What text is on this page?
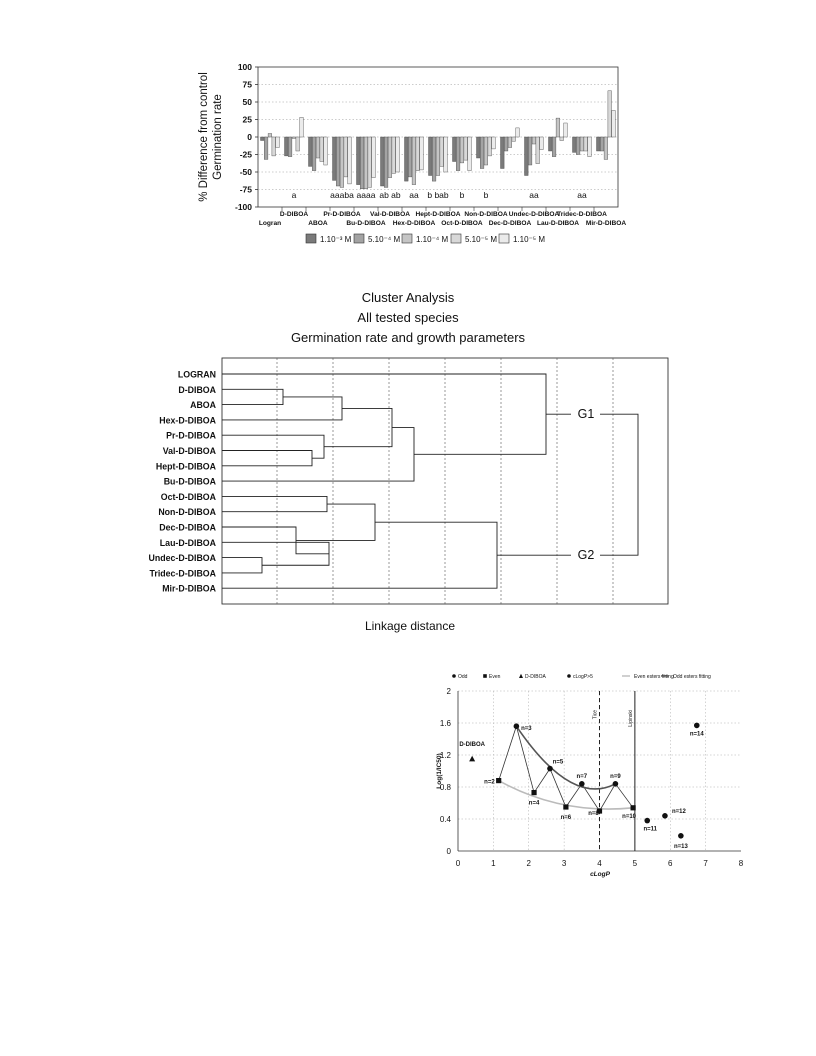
100
75
50
25
0
-25
-50
-75
-100
% Difference from control Germination rate
Logran
D-DIBOA
ABOA
Pr-D-DIBOA
Bu-D-DIBOA
Val-D-DIBOA
Hex-D-DIBOA
Hept-D-DIBOA
Oct-D-DIBOA
Non-D-DIBOA
Dec-D-DIBOA
Undec-D-DIBOA
Lau-D-DIBOA
Tridec-D-DIBOA
Mir-D-DIBOA
a	aaaba aaaa ab ab aa b bab b b	aa	aa
1.10⁻³ M 5.10⁻⁴ M 1.10⁻⁴ M 5.10⁻⁵ M 1.10⁻⁵ M
Cluster Analysis
All tested species
Germination rate and growth parameters
LOGRAN
D-DIBOA
ABOA
Hex-D-DIBOA
Pr-D-DIBOA
Val-D-DIBOA
Hept-D-DIBOA
Bu-D-DIBOA
Oct-D-DIBOA
Non-D-DIBOA
Dec-D-DIBOA
Lau-D-DIBOA
Undec-D-DIBOA
Tridec-D-DIBOA
Mir-D-DIBOA
G1
G2
Linkage distance
0
0.4
0.8
1.2
1.6
2
0	1	2	3	4	5	6	7	8
Log(1/IC50)
cLogP
Tice	Lipinski
D-DIBOA
n=2
n=3
n=4
n=5
n=6
n=7
n=8
n=9
n=10
n=11
n=12
n=13
n=14
Odd	Even	D-DIBOA	cLogP>5	Even esters fitting Odd esters fitting
